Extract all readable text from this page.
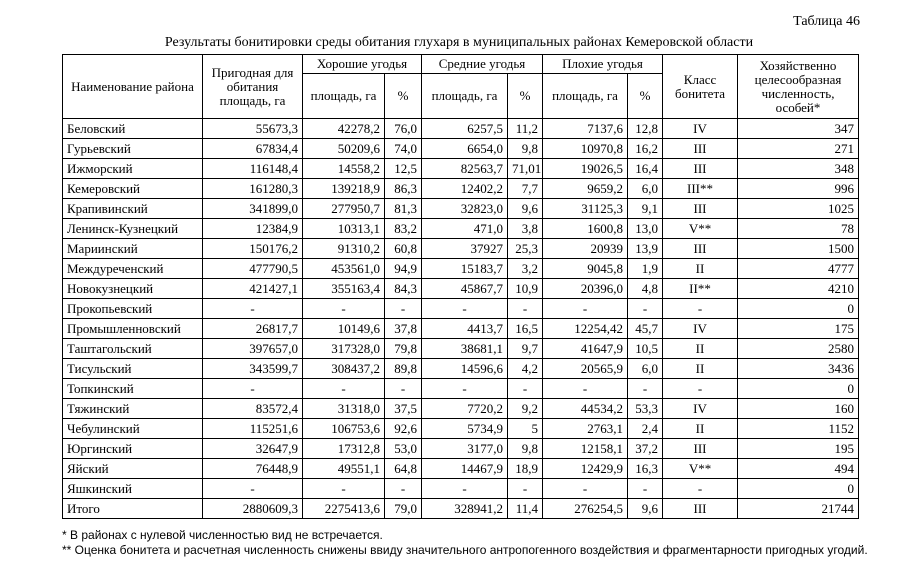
Таблица 46
Результаты бонитировки среды обитания глухаря в муниципальных районах Кемеровской области
Наименование района	Пригодная для обитания площадь, га	Хорошие угодья		Средние угодья		Плохие угодья		Класс бонитета	Хозяйственно целесообразная численность, особей*
		площадь, га	%	площадь, га	%	площадь, га	%		
Беловский	55673,3	42278,2	76,0	6257,5	11,2	7137,6	12,8	IV	347
Гурьевский	67834,4	50209,6	74,0	6654,0	9,8	10970,8	16,2	III	271
Ижморский	116148,4	14558,2	12,5	82563,7	71,01	19026,5	16,4	III	348
Кемеровский	161280,3	139218,9	86,3	12402,2	7,7	9659,2	6,0	III**	996
Крапивинский	341899,0	277950,7	81,3	32823,0	9,6	31125,3	9,1	III	1025
Ленинск-Кузнецкий	12384,9	10313,1	83,2	471,0	3,8	1600,8	13,0	V**	78
Мариинский	150176,2	91310,2	60,8	37927	25,3	20939	13,9	III	1500
Междуреченский	477790,5	453561,0	94,9	15183,7	3,2	9045,8	1,9	II	4777
Новокузнецкий	421427,1	355163,4	84,3	45867,7	10,9	20396,0	4,8	II**	4210
Прокопьевский	-	-	-	-	-	-	-	-	0
Промышленновский	26817,7	10149,6	37,8	4413,7	16,5	12254,42	45,7	IV	175
Таштагольский	397657,0	317328,0	79,8	38681,1	9,7	41647,9	10,5	II	2580
Тисульский	343599,7	308437,2	89,8	14596,6	4,2	20565,9	6,0	II	3436
Топкинский	-	-	-	-	-	-	-	-	0
Тяжинский	83572,4	31318,0	37,5	7720,2	9,2	44534,2	53,3	IV	160
Чебулинский	115251,6	106753,6	92,6	5734,9	5	2763,1	2,4	II	1152
Юргинский	32647,9	17312,8	53,0	3177,0	9,8	12158,1	37,2	III	195
Яйский	76448,9	49551,1	64,8	14467,9	18,9	12429,9	16,3	V**	494
Яшкинский	-	-	-	-	-	-	-	-	0
Итого	2880609,3	2275413,6	79,0	328941,2	11,4	276254,5	9,6	III	21744
* В районах с нулевой численностью вид не встречается.
** Оценка бонитета и расчетная численность снижены ввиду значительного антропогенного воздействия и фрагментарности пригодных угодий.
